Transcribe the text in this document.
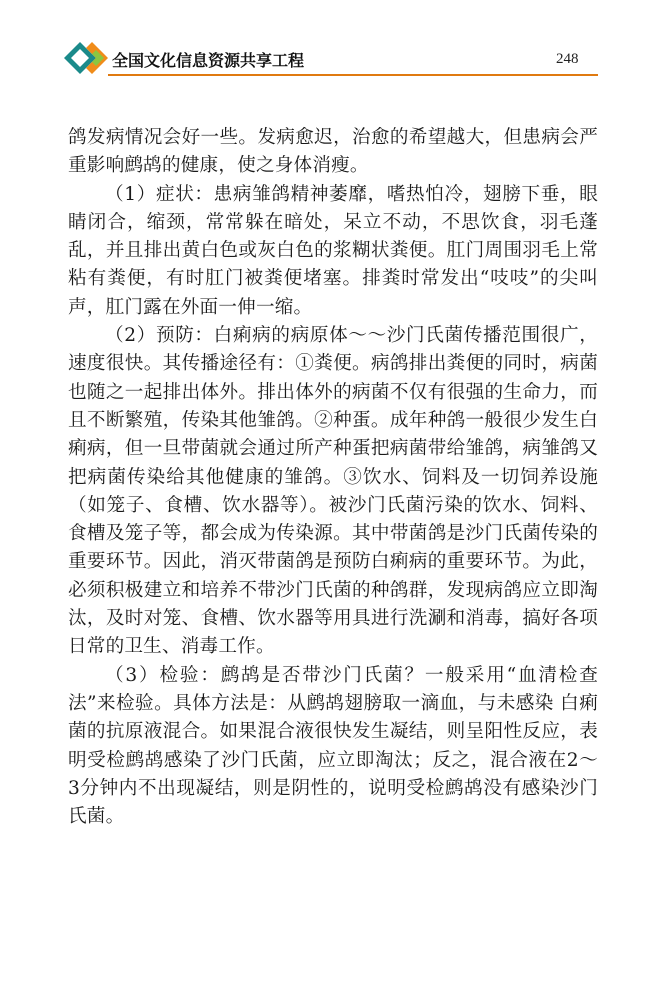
全国文化信息资源共享工程	248

鸽发病情况会好一些。发病愈迟，治愈的希望越大，但患病会严重影响鹧鸪的健康，使之身体消瘦。

（1）症状：患病雏鸽精神萎靡，嗜热怕冷，翅膀下垂，眼睛闭合，缩颈，常常躲在暗处，呆立不动，不思饮食，羽毛蓬乱，并且排出黄白色或灰白色的浆糊状粪便。肛门周围羽毛上常粘有粪便，有时肛门被粪便堵塞。排粪时常发出“吱吱”的尖叫声，肛门露在外面一伸一缩。

（2）预防：白痢病的病原体～～沙门氏菌传播范围很广，速度很快。其传播途径有：①粪便。病鸽排出粪便的同时，病菌也随之一起排出体外。排出体外的病菌不仅有很强的生命力，而且不断繁殖，传染其他雏鸽。②种蛋。成年种鸽一般很少发生白痢病，但一旦带菌就会通过所产种蛋把病菌带给雏鸽，病雏鸽又把病菌传染给其他健康的雏鸽。③饮水、饲料及一切饲养设施（如笼子、食槽、饮水器等）。被沙门氏菌污染的饮水、饲料、食槽及笼子等，都会成为传染源。其中带菌鸽是沙门氏菌传染的重要环节。因此，消灭带菌鸽是预防白痢病的重要环节。为此，必须积极建立和培养不带沙门氏菌的种鸽群，发现病鸽应立即淘汰，及时对笼、食槽、饮水器等用具进行洗涮和消毒，搞好各项日常的卫生、消毒工作。

（3）检验：鹧鸪是否带沙门氏菌？一般采用“血清检查法”来检验。具体方法是：从鹧鸪翅膀取一滴血，与未感染 白痢菌的抗原液混合。如果混合液很快发生凝结，则呈阳性反应，表明受检鹧鸪感染了沙门氏菌，应立即淘汰；反之，混合液在2～3分钟内不出现凝结，则是阴性的，说明受检鹧鸪没有感染沙门氏菌。
